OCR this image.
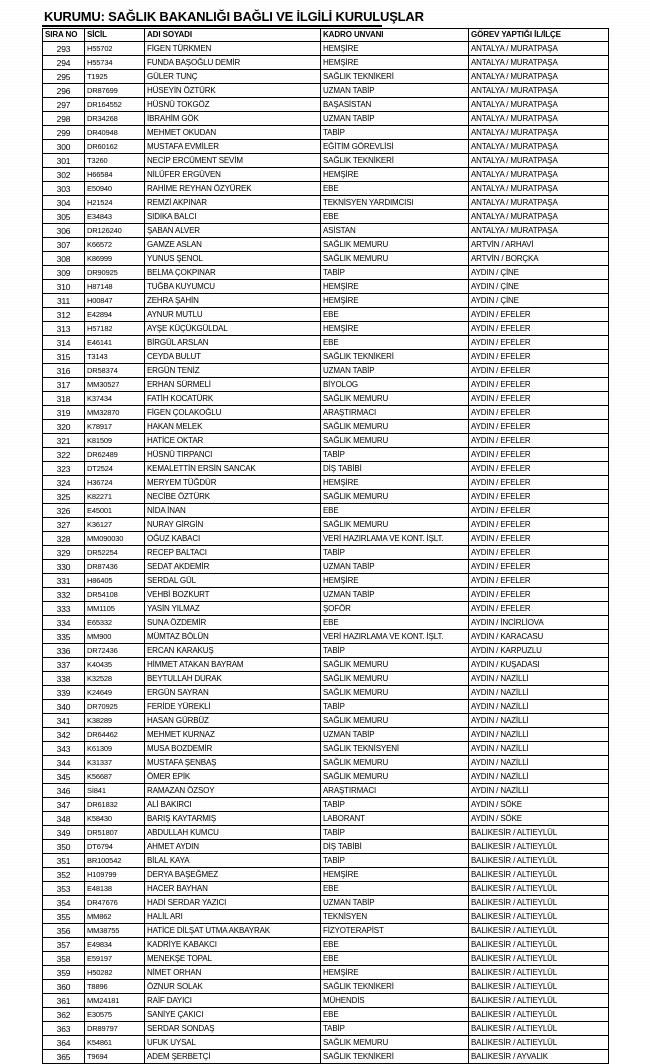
KURUMU: SAĞLIK BAKANLIĞI BAĞLI VE İLGİLİ KURULUŞLAR
SIRA NO	SİCİL	ADI SOYADI	KADRO UNVANI	GÖREV YAPTIĞI İL/İLÇE
293	H55702	FİGEN TÜRKMEN	HEMŞİRE	ANTALYA / MURATPAŞA
294	H55734	FUNDA BAŞOĞLU DEMİR	HEMŞİRE	ANTALYA / MURATPAŞA
295	T1925	GÜLER TUNÇ	SAĞLIK TEKNİKERİ	ANTALYA / MURATPAŞA
296	DR87699	HÜSEYİN ÖZTÜRK	UZMAN TABİP	ANTALYA / MURATPAŞA
297	DR164552	HÜSNÜ TOKGÖZ	BAŞASİSTAN	ANTALYA / MURATPAŞA
298	DR34268	İBRAHİM GÖK	UZMAN TABİP	ANTALYA / MURATPAŞA
299	DR40948	MEHMET OKUDAN	TABİP	ANTALYA / MURATPAŞA
300	DR60162	MUSTAFA EVMİLER	EĞİTİM GÖREVLİSİ	ANTALYA / MURATPAŞA
301	T3260	NECİP ERCÜMENT SEVİM	SAĞLIK TEKNİKERİ	ANTALYA / MURATPAŞA
302	H66584	NİLÜFER ERGÜVEN	HEMŞİRE	ANTALYA / MURATPAŞA
303	E50940	RAHİME REYHAN ÖZYÜREK	EBE	ANTALYA / MURATPAŞA
304	H21524	REMZİ AKPINAR	TEKNİSYEN YARDIMCISI	ANTALYA / MURATPAŞA
305	E34843	SIDIKA BALCI	EBE	ANTALYA / MURATPAŞA
306	DR126240	ŞABAN ALVER	ASİSTAN	ANTALYA / MURATPAŞA
307	K66572	GAMZE ASLAN	SAĞLIK MEMURU	ARTVİN / ARHAVİ
308	K86999	YUNUS ŞENOL	SAĞLIK MEMURU	ARTVİN / BORÇKA
309	DR90925	BELMA ÇOKPINAR	TABİP	AYDIN / ÇİNE
310	H87148	TUĞBA KUYUMCU	HEMŞİRE	AYDIN / ÇİNE
311	H00847	ZEHRA ŞAHİN	HEMŞİRE	AYDIN / ÇİNE
312	E42894	AYNUR MUTLU	EBE	AYDIN / EFELER
313	H57182	AYŞE KÜÇÜKGÜLDAL	HEMŞİRE	AYDIN / EFELER
314	E46141	BİRGÜL ARSLAN	EBE	AYDIN / EFELER
315	T3143	CEYDA BULUT	SAĞLIK TEKNİKERİ	AYDIN / EFELER
316	DR58374	ERGÜN TENİZ	UZMAN TABİP	AYDIN / EFELER
317	MM30527	ERHAN SÜRMELİ	BİYOLOG	AYDIN / EFELER
318	K37434	FATİH KOCATÜRK	SAĞLIK MEMURU	AYDIN / EFELER
319	MM32870	FİGEN ÇOLAKOĞLU	ARAŞTIRMACI	AYDIN / EFELER
320	K78917	HAKAN MELEK	SAĞLIK MEMURU	AYDIN / EFELER
321	K81509	HATİCE OKTAR	SAĞLIK MEMURU	AYDIN / EFELER
322	DR62489	HÜSNÜ TIRPANCI	TABİP	AYDIN / EFELER
323	DT2524	KEMALETTİN ERSİN SANCAK	DİŞ TABİBİ	AYDIN / EFELER
324	H36724	MERYEM TÜĞDÜR	HEMŞİRE	AYDIN / EFELER
325	K82271	NECİBE ÖZTÜRK	SAĞLIK MEMURU	AYDIN / EFELER
326	E45001	NİDA İNAN	EBE	AYDIN / EFELER
327	K36127	NURAY GİRGİN	SAĞLIK MEMURU	AYDIN / EFELER
328	MM090030	OĞUZ KABACI	VERİ HAZIRLAMA VE KONT. İŞLT.	AYDIN / EFELER
329	DR52254	RECEP BALTACI	TABİP	AYDIN / EFELER
330	DR87436	SEDAT AKDEMİR	UZMAN TABİP	AYDIN / EFELER
331	H86405	SERDAL GÜL	HEMŞİRE	AYDIN / EFELER
332	DR54108	VEHBİ BOZKURT	UZMAN TABİP	AYDIN / EFELER
333	MM1105	YASİN YILMAZ	ŞOFÖR	AYDIN / EFELER
334	E65332	SUNA ÖZDEMİR	EBE	AYDIN / İNCİRLİOVA
335	MM900	MÜMTAZ BÖLÜN	VERİ HAZIRLAMA VE KONT. İŞLT.	AYDIN / KARACASU
336	DR72436	ERCAN KARAKUŞ	TABİP	AYDIN / KARPUZLU
337	K40435	HİMMET ATAKAN BAYRAM	SAĞLIK MEMURU	AYDIN / KUŞADASI
338	K32528	BEYTULLAH DURAK	SAĞLIK MEMURU	AYDIN / NAZİLLİ
339	K24649	ERGÜN SAYRAN	SAĞLIK MEMURU	AYDIN / NAZİLLİ
340	DR70925	FERİDE YÜREKLİ	TABİP	AYDIN / NAZİLLİ
341	K38289	HASAN GÜRBÜZ	SAĞLIK MEMURU	AYDIN / NAZİLLİ
342	DR64462	MEHMET KURNAZ	UZMAN TABİP	AYDIN / NAZİLLİ
343	K61309	MUSA BOZDEMİR	SAĞLIK TEKNİSYENİ	AYDIN / NAZİLLİ
344	K31337	MUSTAFA ŞENBAŞ	SAĞLIK MEMURU	AYDIN / NAZİLLİ
345	K56687	ÖMER EPİK	SAĞLIK MEMURU	AYDIN / NAZİLLİ
346	Sİ841	RAMAZAN ÖZSOY	ARAŞTIRMACI	AYDIN / NAZİLLİ
347	DR61832	ALİ BAKIRCI	TABİP	AYDIN / SÖKE
348	K58430	BARIŞ KAYTARMIŞ	LABORANT	AYDIN / SÖKE
349	DR51807	ABDULLAH KUMCU	TABİP	BALIKESİR / ALTIEYLÜL
350	DT6794	AHMET AYDIN	DİŞ TABİBİ	BALIKESİR / ALTIEYLÜL
351	BR100542	BİLAL KAYA	TABİP	BALIKESİR / ALTIEYLÜL
352	H109799	DERYA BAŞEĞMEZ	HEMŞİRE	BALIKESİR / ALTIEYLÜL
353	E48138	HACER BAYHAN	EBE	BALIKESİR / ALTIEYLÜL
354	DR47676	HADİ SERDAR YAZICI	UZMAN TABİP	BALIKESİR / ALTIEYLÜL
355	MM862	HALİL ARI	TEKNİSYEN	BALIKESİR / ALTIEYLÜL
356	MM38755	HATİCE DİLŞAT UTMA AKBAYRAK	FİZYOTERAPİST	BALIKESİR / ALTIEYLÜL
357	E49834	KADRİYE KABAKCI	EBE	BALIKESİR / ALTIEYLÜL
358	E59197	MENEKŞE TOPAL	EBE	BALIKESİR / ALTIEYLÜL
359	H50282	NİMET ORHAN	HEMŞİRE	BALIKESİR / ALTIEYLÜL
360	T8896	ÖZNUR SOLAK	SAĞLIK TEKNİKERİ	BALIKESİR / ALTIEYLÜL
361	MM24181	RAİF DAYICI	MÜHENDİS	BALIKESİR / ALTIEYLÜL
362	E30575	SANİYE ÇAKICI	EBE	BALIKESİR / ALTIEYLÜL
363	DR89797	SERDAR SONDAŞ	TABİP	BALIKESİR / ALTIEYLÜL
364	K54861	UFUK UYSAL	SAĞLIK MEMURU	BALIKESİR / ALTIEYLÜL
365	T9694	ADEM ŞERBETÇİ	SAĞLIK TEKNİKERİ	BALIKESİR / AYVALIK
